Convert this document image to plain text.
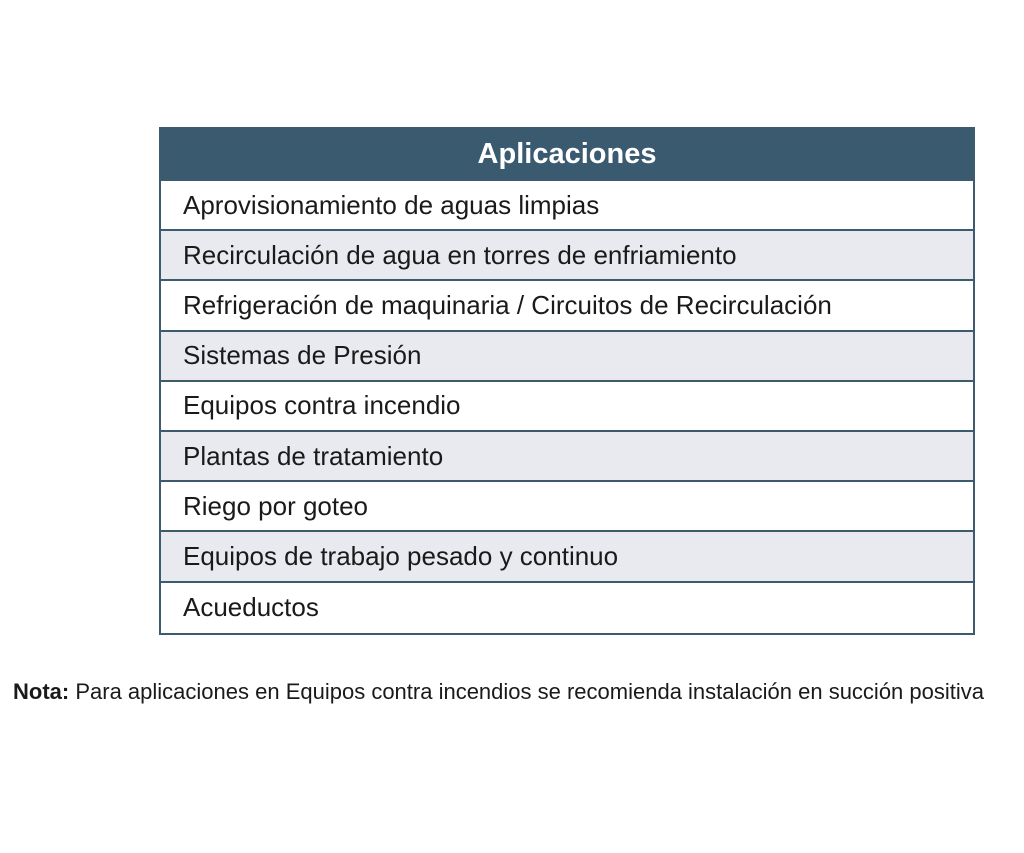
Aplicaciones
Aprovisionamiento de aguas limpias
Recirculación de agua en torres de enfriamiento
Refrigeración de maquinaria / Circuitos de Recirculación
Sistemas de Presión
Equipos contra incendio
Plantas de tratamiento
Riego por goteo
Equipos de trabajo pesado y continuo
Acueductos
Nota: Para aplicaciones en Equipos contra incendios se recomienda instalación en succión positiva
